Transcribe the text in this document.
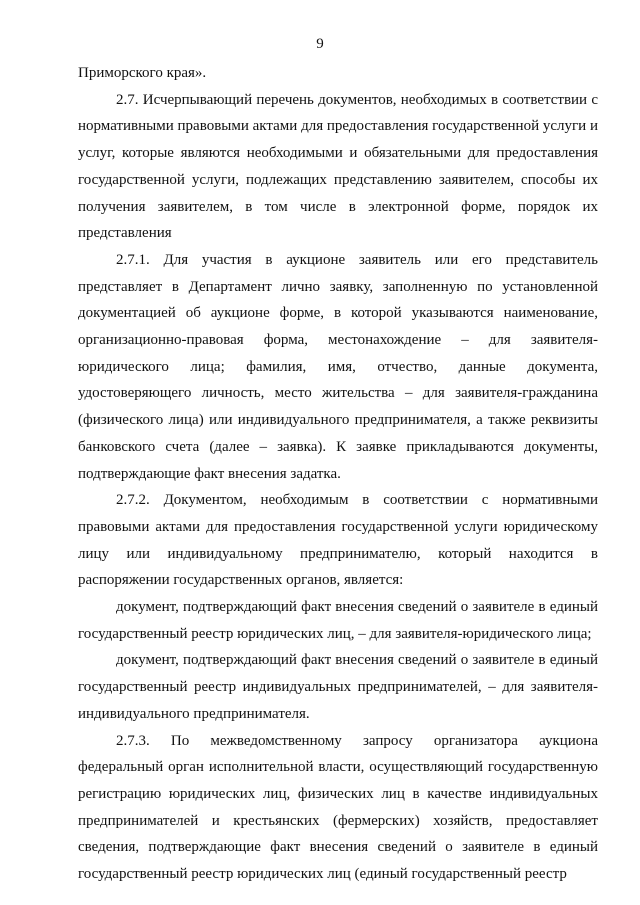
9

Приморского края».

2.7. Исчерпывающий перечень документов, необходимых в соответствии с нормативными правовыми актами для предоставления государственной услуги и услуг, которые являются необходимыми и обязательными для предоставления государственной услуги, подлежащих представлению заявителем, способы их получения заявителем, в том числе в электронной форме, порядок их представления

2.7.1. Для участия в аукционе заявитель или его представитель представляет в Департамент лично заявку, заполненную по установленной документацией об аукционе форме, в которой указываются наименование, организационно-правовая форма, местонахождение – для заявителя-юридического лица; фамилия, имя, отчество, данные документа, удостоверяющего личность, место жительства – для заявителя-гражданина (физического лица) или индивидуального предпринимателя, а также реквизиты банковского счета (далее – заявка). К заявке прикладываются документы, подтверждающие факт внесения задатка.

2.7.2. Документом, необходимым в соответствии с нормативными правовыми актами для предоставления государственной услуги юридическому лицу или индивидуальному предпринимателю, который находится в распоряжении государственных органов, является:

документ, подтверждающий факт внесения сведений о заявителе в единый государственный реестр юридических лиц, – для заявителя-юридического лица;

документ, подтверждающий факт внесения сведений о заявителе в единый государственный реестр индивидуальных предпринимателей, – для заявителя-индивидуального предпринимателя.

2.7.3. По межведомственному запросу организатора аукциона федеральный орган исполнительной власти, осуществляющий государственную регистрацию юридических лиц, физических лиц в качестве индивидуальных предпринимателей и крестьянских (фермерских) хозяйств, предоставляет сведения, подтверждающие факт внесения сведений о заявителе в единый государственный реестр юридических лиц (единый государственный реестр
